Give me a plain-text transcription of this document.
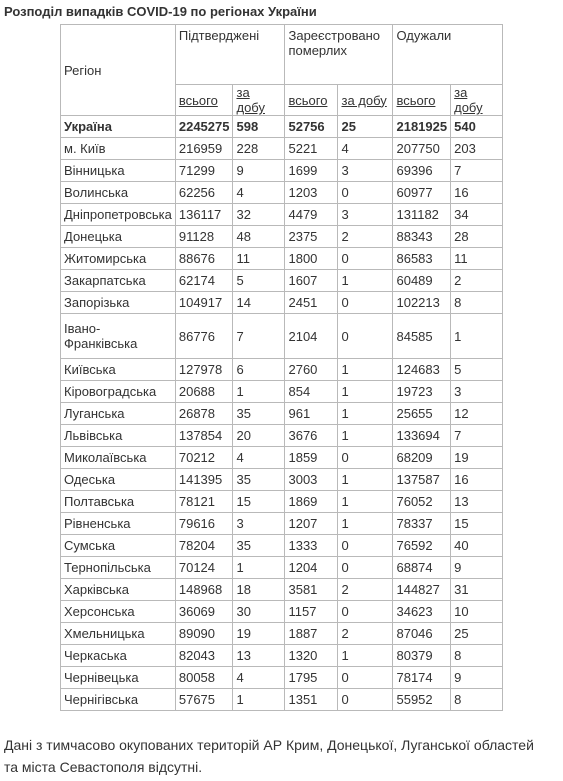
Розподіл випадків COVID-19 по регіонах України
Регіон	Підтверджені		Зареєстровано померлих		Одужали	
	всього	за добу	всього	за добу	всього	за добу
Україна	2245275	598	52756	25	2181925	540
м. Київ	216959	228	5221	4	207750	203
Вінницька	71299	9	1699	3	69396	7
Волинська	62256	4	1203	0	60977	16
Дніпропетровська	136117	32	4479	3	131182	34
Донецька	91128	48	2375	2	88343	28
Житомирська	88676	11	1800	0	86583	11
Закарпатська	62174	5	1607	1	60489	2
Запорізька	104917	14	2451	0	102213	8
Івано-Франківська	86776	7	2104	0	84585	1
Київська	127978	6	2760	1	124683	5
Кіровоградська	20688	1	854	1	19723	3
Луганська	26878	35	961	1	25655	12
Львівська	137854	20	3676	1	133694	7
Миколаївська	70212	4	1859	0	68209	19
Одеська	141395	35	3003	1	137587	16
Полтавська	78121	15	1869	1	76052	13
Рівненська	79616	3	1207	1	78337	15
Сумська	78204	35	1333	0	76592	40
Тернопільська	70124	1	1204	0	68874	9
Харківська	148968	18	3581	2	144827	31
Херсонська	36069	30	1157	0	34623	10
Хмельницька	89090	19	1887	2	87046	25
Черкаська	82043	13	1320	1	80379	8
Чернівецька	80058	4	1795	0	78174	9
Чернігівська	57675	1	1351	0	55952	8
Дані з тимчасово окупованих територій АР Крим, Донецької, Луганської областей та міста Севастополя відсутні.
